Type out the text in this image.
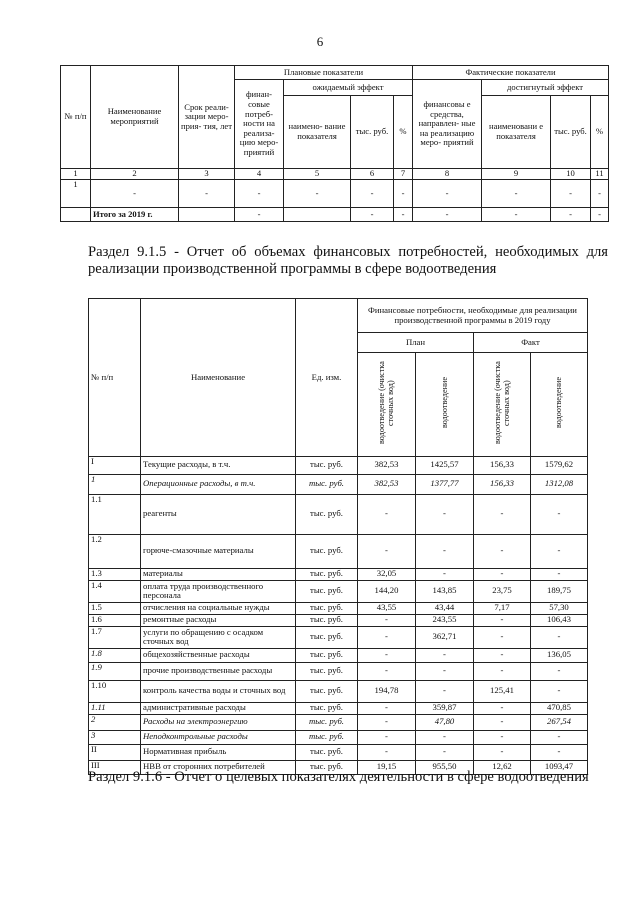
6
№ п/п	Наименование мероприятий	Срок реали- зации меро- прия- тия, лет	Плановые показатели				Фактические показатели			
			финан- совые потреб- ности на реализа- цию меро- приятий	ожидаемый эффект			финансовы е средства, направлен- ные на реализацию меро- приятий	достигнутый эффект		
				наимено- вание показателя	тыс. руб.	%		наименовани е показателя	тыс. руб.	%
1	2	3	4	5	6	7	8	9	10	11
1	-	-	-	-	-	-	-	-	-	-
	Итого за 2019 г.		-		-	-	-	-	-	-
Раздел 9.1.5 - Отчет об объемах финансовых потребностей, необходимых для реализации производственной программы в сфере водоотведения
№ п/п	Наименование	Ед. изм.	Финансовые потребности, необходимые для реализации производственной программы в 2019 году			
			План		Факт	
			водоотведение (очистка сточных вод)	водоотведение	водоотведение (очистка сточных вод)	водоотведение
I	Текущие расходы, в т.ч.	тыс. руб.	382,53	1425,57	156,33	1579,62
1	Операционные расходы, в т.ч.	тыс. руб.	382,53	1377,77	156,33	1312,08
1.1	реагенты	тыс. руб.	-	-	-	-
1.2	горюче-смазочные материалы	тыс. руб.	-	-	-	-
1.3	материалы	тыс. руб.	32,05	-	-	-
1.4	оплата труда производственного персонала	тыс. руб.	144,20	143,85	23,75	189,75
1.5	отчисления на социальные нужды	тыс. руб.	43,55	43,44	7,17	57,30
1.6	ремонтные расходы	тыс. руб.	-	243,55	-	106,43
1.7	услуги по обращению с осадком сточных вод	тыс. руб.	-	362,71	-	-
1.8	общехозяйственные расходы	тыс. руб.	-	-	-	136,05
1.9	прочие производственные расходы	тыс. руб.	-	-	-	-
1.10	контроль качества воды и сточных вод	тыс. руб.	194,78	-	125,41	-
1.11	административные расходы	тыс. руб.	-	359,87	-	470,85
2	Расходы на электроэнергию	тыс. руб.	-	47,80	-	267,54
3	Неподконтрольные расходы	тыс. руб.	-	-	-	-
II	Нормативная прибыль	тыс. руб.	-	-	-	-
III	НВВ от сторонних потребителей	тыс. руб.	19,15	955,50	12,62	1093,47
Раздел 9.1.6 - Отчет о целевых показателях деятельности в сфере водоотведения
